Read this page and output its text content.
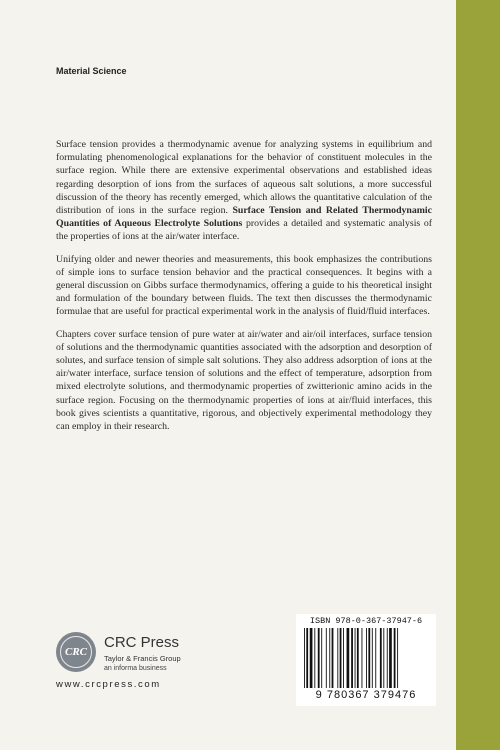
Material Science

Surface tension provides a thermodynamic avenue for analyzing systems in equilibrium and formulating phenomenological explanations for the behavior of constituent molecules in the surface region. While there are extensive experimental observations and established ideas regarding desorption of ions from the surfaces of aqueous salt solutions, a more successful discussion of the theory has recently emerged, which allows the quantitative calculation of the distribution of ions in the surface region. Surface Tension and Related Thermodynamic Quantities of Aqueous Electrolyte Solutions provides a detailed and systematic analysis of the properties of ions at the air/water interface.

Unifying older and newer theories and measurements, this book emphasizes the contributions of simple ions to surface tension behavior and the practical consequences. It begins with a general discussion on Gibbs surface thermodynamics, offering a guide to his theoretical insight and formulation of the boundary between fluids. The text then discusses the thermodynamic formulae that are useful for practical experimental work in the analysis of fluid/fluid interfaces.

Chapters cover surface tension of pure water at air/water and air/oil interfaces, surface tension of solutions and the thermodynamic quantities associated with the adsorption and desorption of solutes, and surface tension of simple salt solutions. They also address adsorption of ions at the air/water interface, surface tension of solutions and the effect of temperature, adsorption from mixed electrolyte solutions, and thermodynamic properties of zwitterionic amino acids in the surface region. Focusing on the thermodynamic properties of ions at air/fluid interfaces, this book gives scientists a quantitative, rigorous, and objectively experimental methodology they can employ in their research.

CRC
CRC Press
Taylor & Francis Group
an informa business
www.crcpress.com
ISBN 978-0-367-37947-6
9 780367 379476
